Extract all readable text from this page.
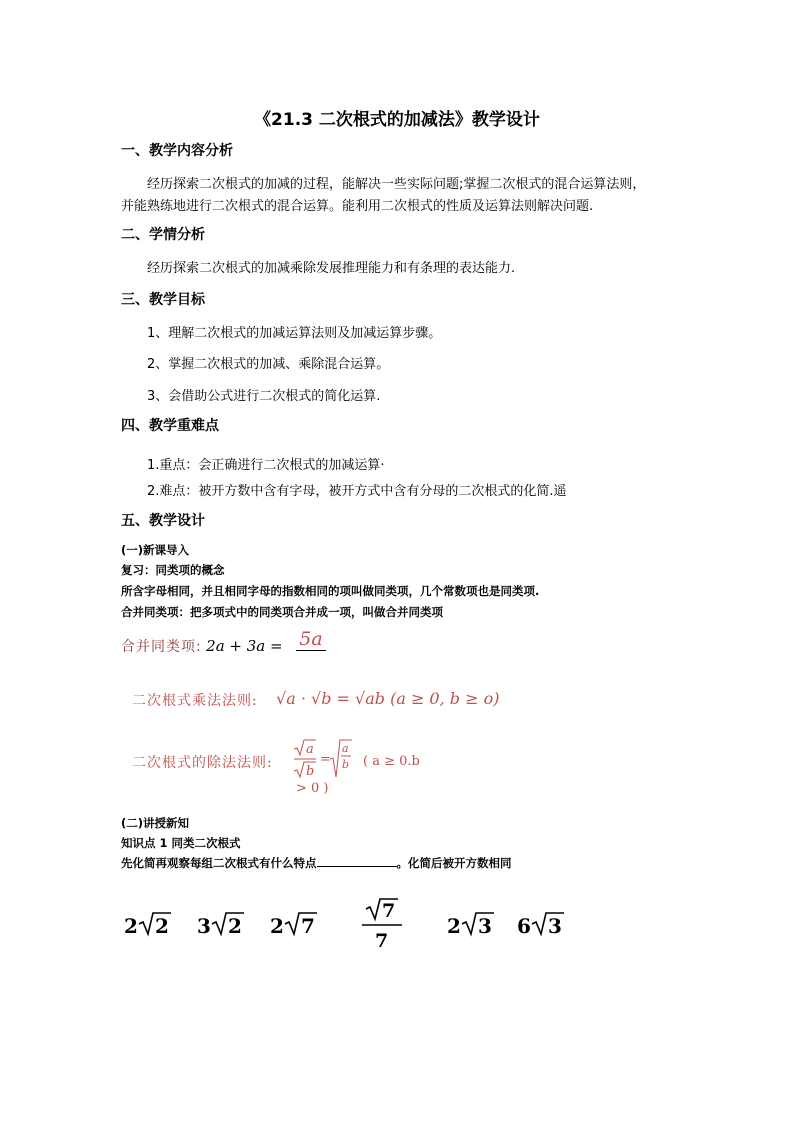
《21.3 二次根式的加减法》教学设计
一、教学内容分析
经历探索二次根式的加减的过程，能解决一些实际问题;掌握二次根式的混合运算法则，
并能熟练地进行二次根式的混合运算。能利用二次根式的性质及运算法则解决问题.
二、学情分析
经历探索二次根式的加减乘除发展推理能力和有条理的表达能力.
三、教学目标
1、理解二次根式的加减运算法则及加减运算步骤。
2、掌握二次根式的加减、乘除混合运算。
3、会借助公式进行二次根式的简化运算.
四、教学重难点
1.重点：会正确进行二次根式的加减运算·
2.难点：被开方数中含有字母，被开方式中含有分母的二次根式的化简.遥
五、教学设计
(一)新课导入
复习：同类项的概念
所含字母相同，并且相同字母的指数相同的项叫做同类项，几个常数项也是同类项.
合并同类项：把多项式中的同类项合并成一项，叫做合并同类项
合并同类项: 2a + 3a = 5a
二次根式乘法法则: √a · √b = √ab (a ≥ 0, b ≥ o)
二次根式的除法法则:
a
b
=
a
b ( a ≥ 0.b
> 0 )
(二)讲授新知
知识点 1 同类二次根式
先化简再观察每组二次根式有什么特点	。化简后被开方数相同
2 2 3 2 2 7	2 3 6 3
7
7
